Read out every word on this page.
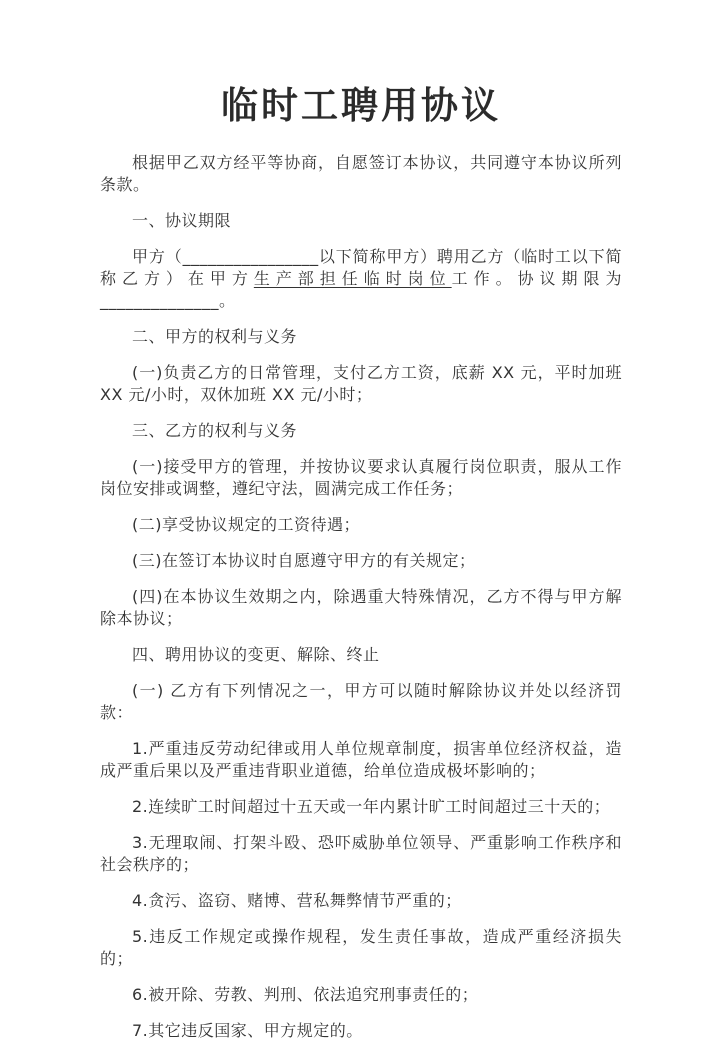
临时工聘用协议

根据甲乙双方经平等协商，自愿签订本协议，共同遵守本协议所列条款。

一、协议期限

甲方（________________以下简称甲方）聘用乙方（临时工以下简称乙方）在甲方生产部担任临时岗位工作。协议期限为______________。

二、甲方的权利与义务

(一)负责乙方的日常管理，支付乙方工资，底薪 XX 元，平时加班 XX 元/小时，双休加班 XX 元/小时；

三、乙方的权利与义务

(一)接受甲方的管理，并按协议要求认真履行岗位职责，服从工作岗位安排或调整，遵纪守法，圆满完成工作任务；

(二)享受协议规定的工资待遇；

(三)在签订本协议时自愿遵守甲方的有关规定；

(四)在本协议生效期之内，除遇重大特殊情况，乙方不得与甲方解除本协议；

四、聘用协议的变更、解除、终止

(一) 乙方有下列情况之一，甲方可以随时解除协议并处以经济罚款：

1.严重违反劳动纪律或用人单位规章制度，损害单位经济权益，造成严重后果以及严重违背职业道德，给单位造成极坏影响的；

2.连续旷工时间超过十五天或一年内累计旷工时间超过三十天的；

3.无理取闹、打架斗殴、恐吓威胁单位领导、严重影响工作秩序和社会秩序的；

4.贪污、盗窃、赌博、营私舞弊情节严重的；

5.违反工作规定或操作规程，发生责任事故，造成严重经济损失的；

6.被开除、劳教、判刑、依法追究刑事责任的；

7.其它违反国家、甲方规定的。
